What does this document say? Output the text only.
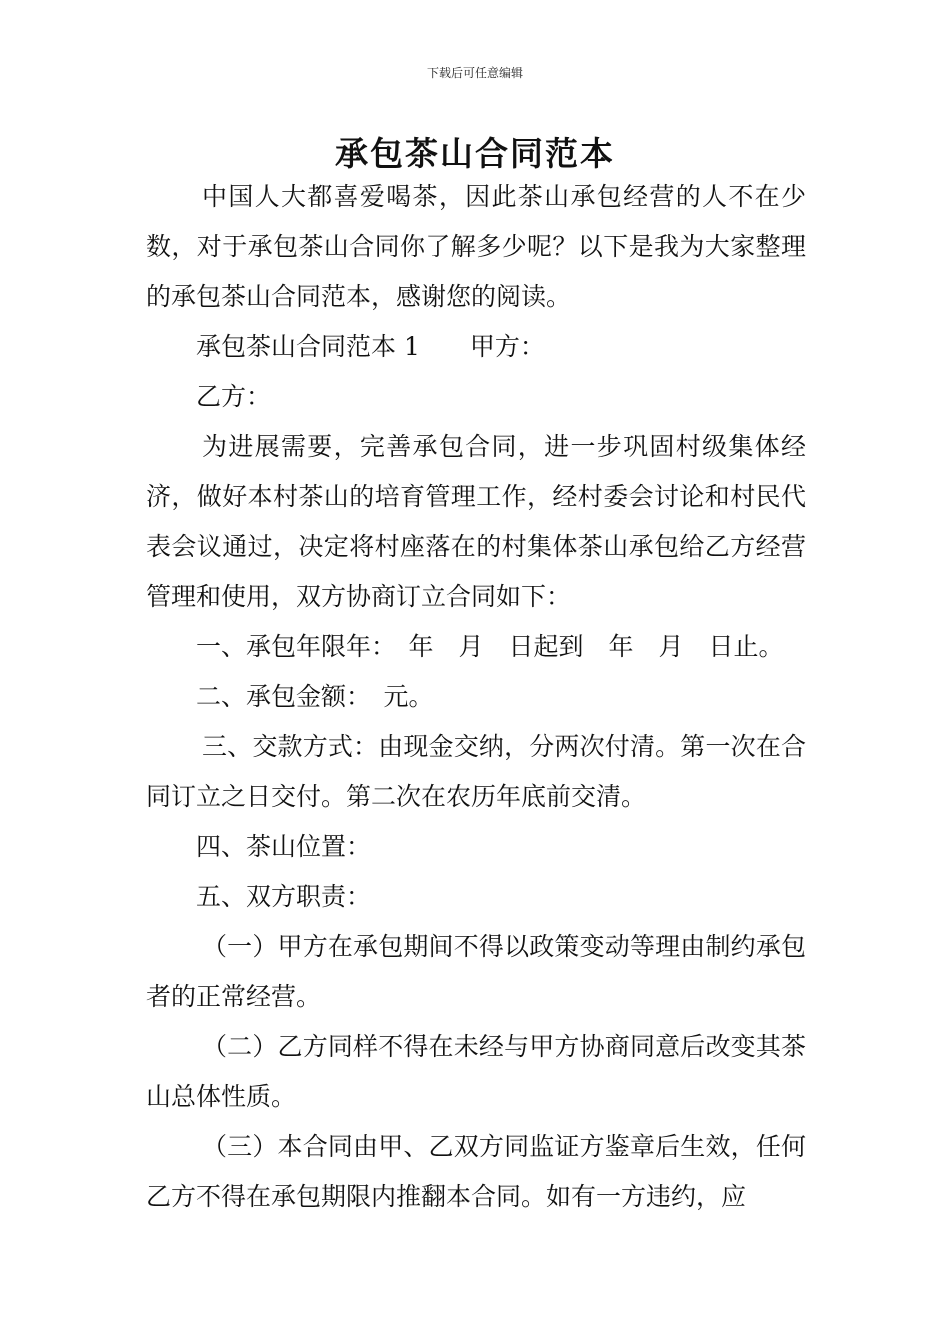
下载后可任意编辑
承包茶山合同范本

中国人大都喜爱喝茶，因此茶山承包经营的人不在少数，对于承包茶山合同你了解多少呢？以下是我为大家整理的承包茶山合同范本，感谢您的阅读。

承包茶山合同范本 1　　甲方：

乙方：

为进展需要，完善承包合同，进一步巩固村级集体经济，做好本村茶山的培育管理工作，经村委会讨论和村民代表会议通过，决定将村座落在的村集体茶山承包给乙方经营管理和使用，双方协商订立合同如下：

一、承包年限年：　年　月　日起到　年　月　日止。

二、承包金额：　元。

三、交款方式：由现金交纳，分两次付清。第一次在合同订立之日交付。第二次在农历年底前交清。

四、茶山位置：

五、双方职责：

（一）甲方在承包期间不得以政策变动等理由制约承包者的正常经营。

（二）乙方同样不得在未经与甲方协商同意后改变其茶山总体性质。

（三）本合同由甲、乙双方同监证方鉴章后生效，任何乙方不得在承包期限内推翻本合同。如有一方违约，应
